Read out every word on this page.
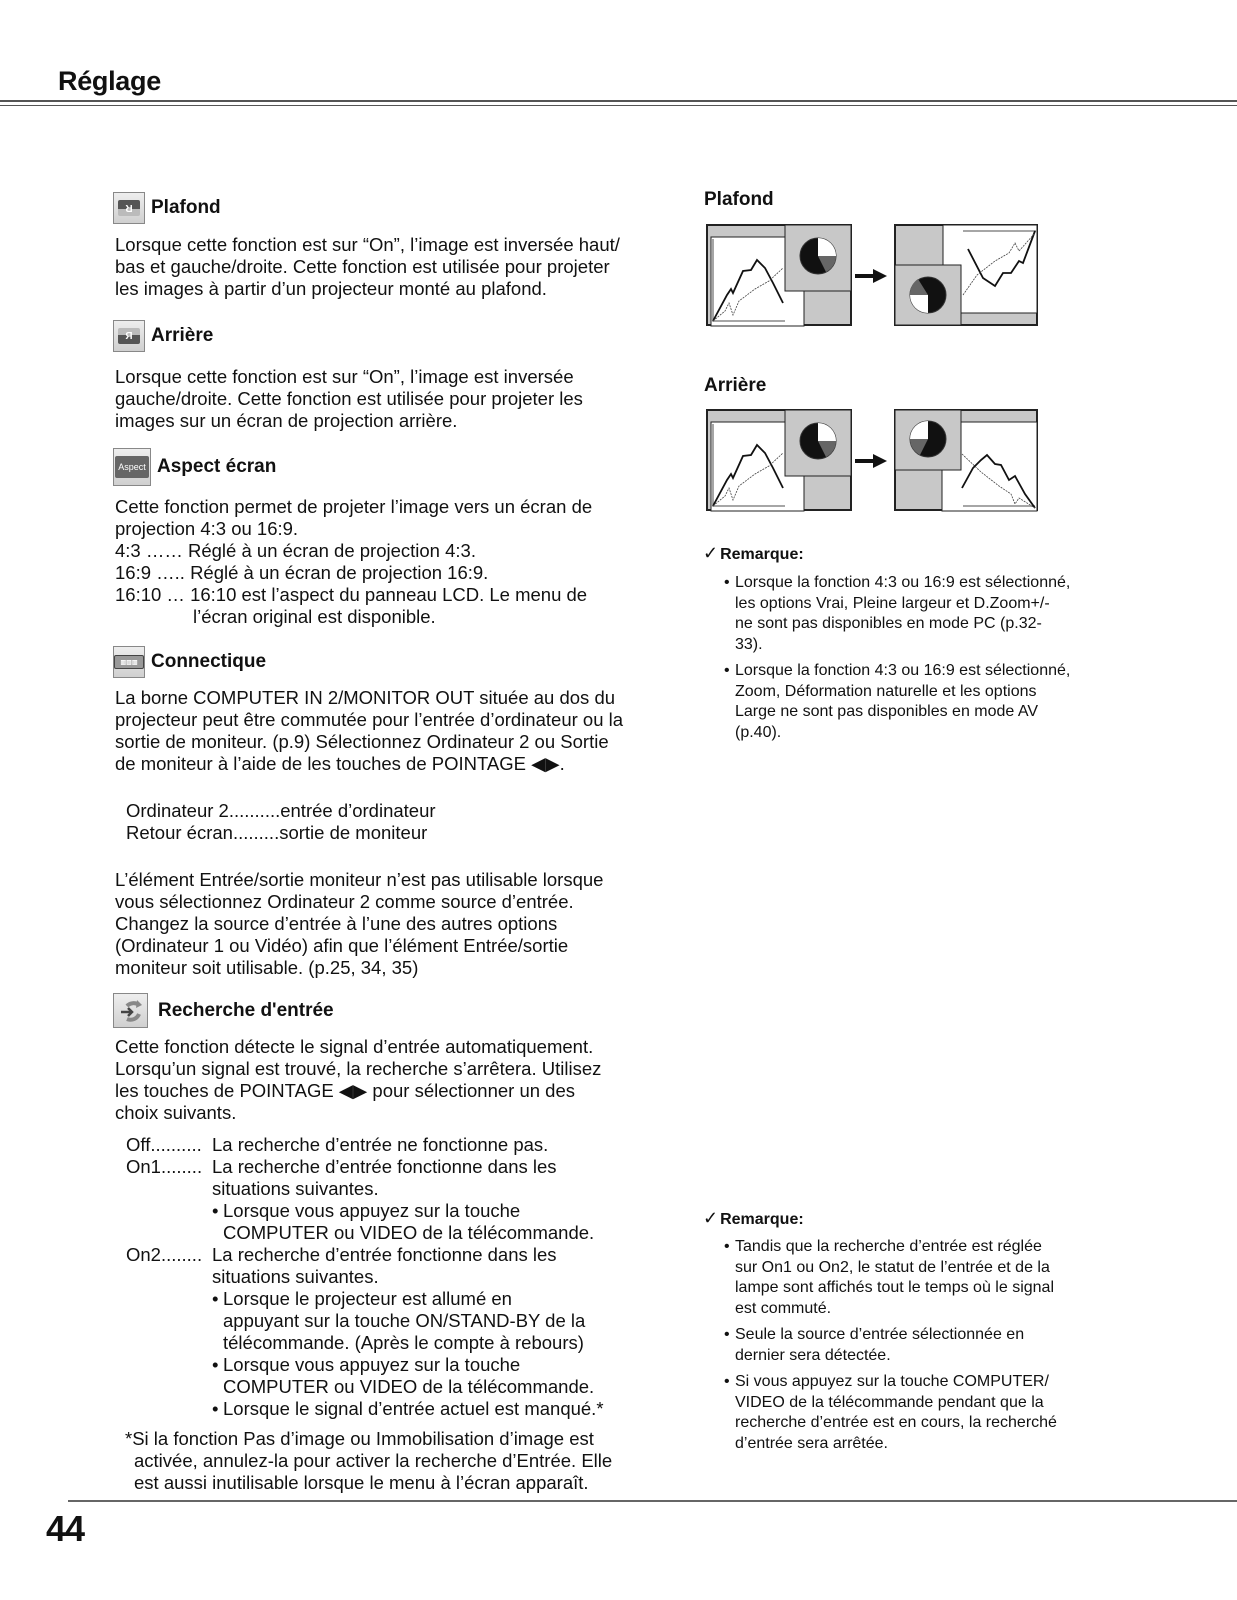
Réglage
R Plafond
Lorsque cette fonction est sur “On”, l’image est inversée haut/
bas et gauche/droite. Cette fonction est utilisée pour projeter
les images à partir d’un projecteur monté au plafond.
Я Arrière
Lorsque cette fonction est sur “On”, l’image est inversée
gauche/droite. Cette fonction est utilisée pour projeter les
images sur un écran de projection arrière.
Aspect Aspect écran
Cette fonction permet de projeter l’image vers un écran de
projection 4:3 ou 16:9.
4:3 …… Réglé à un écran de projection 4:3.
16:9 ….. Réglé à un écran de projection 16:9.
16:10 … 16:10 est l’aspect du panneau LCD. Le menu de
l’écran original est disponible.
▥▥▥ Connectique
La borne COMPUTER IN 2/MONITOR OUT située au dos du
projecteur peut être commutée pour l’entrée d’ordinateur ou la
sortie de moniteur. (p.9) Sélectionnez Ordinateur 2 ou Sortie
de moniteur à l’aide de les touches de POINTAGE ◀▶.
Ordinateur 2..........entrée d’ordinateur
Retour écran.........sortie de moniteur
L’élément Entrée/sortie moniteur n’est pas utilisable lorsque
vous sélectionnez Ordinateur 2 comme source d’entrée.
Changez la source d’entrée à l’une des autres options
(Ordinateur 1 ou Vidéo) afin que l’élément Entrée/sortie
moniteur soit utilisable. (p.25, 34, 35)
Recherche d'entrée
Cette fonction détecte le signal d’entrée automatiquement.
Lorsqu’un signal est trouvé, la recherche s’arrêtera. Utilisez
les touches de POINTAGE ◀▶ pour sélectionner un des
choix suivants.
Off.......... La recherche d’entrée ne fonctionne pas.
On1........ La recherche d’entrée fonctionne dans les
situations suivantes.
• Lorsque vous appuyez sur la touche
COMPUTER ou VIDEO de la télécommande.
On2........ La recherche d’entrée fonctionne dans les
situations suivantes.
• Lorsque le projecteur est allumé en
appuyant sur la touche ON/STAND-BY de la
télécommande. (Après le compte à rebours)
• Lorsque vous appuyez sur la touche
COMPUTER ou VIDEO de la télécommande.
• Lorsque le signal d’entrée actuel est manqué.*
*Si la fonction Pas d’image ou Immobilisation d’image est
activée, annulez-la pour activer la recherche d’Entrée. Elle
est aussi inutilisable lorsque le menu à l’écran apparaît.
Plafond
Arrière
✓ Remarque:
• Lorsque la fonction 4:3 ou 16:9 est sélectionné,
les options Vrai, Pleine largeur et D.Zoom+/-
ne sont pas disponibles en mode PC (p.32-
33).
• Lorsque la fonction 4:3 ou 16:9 est sélectionné,
Zoom, Déformation naturelle et les options
Large ne sont pas disponibles en mode AV
(p.40).
✓ Remarque:
• Tandis que la recherche d’entrée est réglée
sur On1 ou On2, le statut de l’entrée et de la
lampe sont affichés tout le temps où le signal
est commuté.
• Seule la source d’entrée sélectionnée en
dernier sera détectée.
• Si vous appuyez sur la touche COMPUTER/
VIDEO de la télécommande pendant que la
recherche d’entrée est en cours, la recherché
d’entrée sera arrêtée.
44
